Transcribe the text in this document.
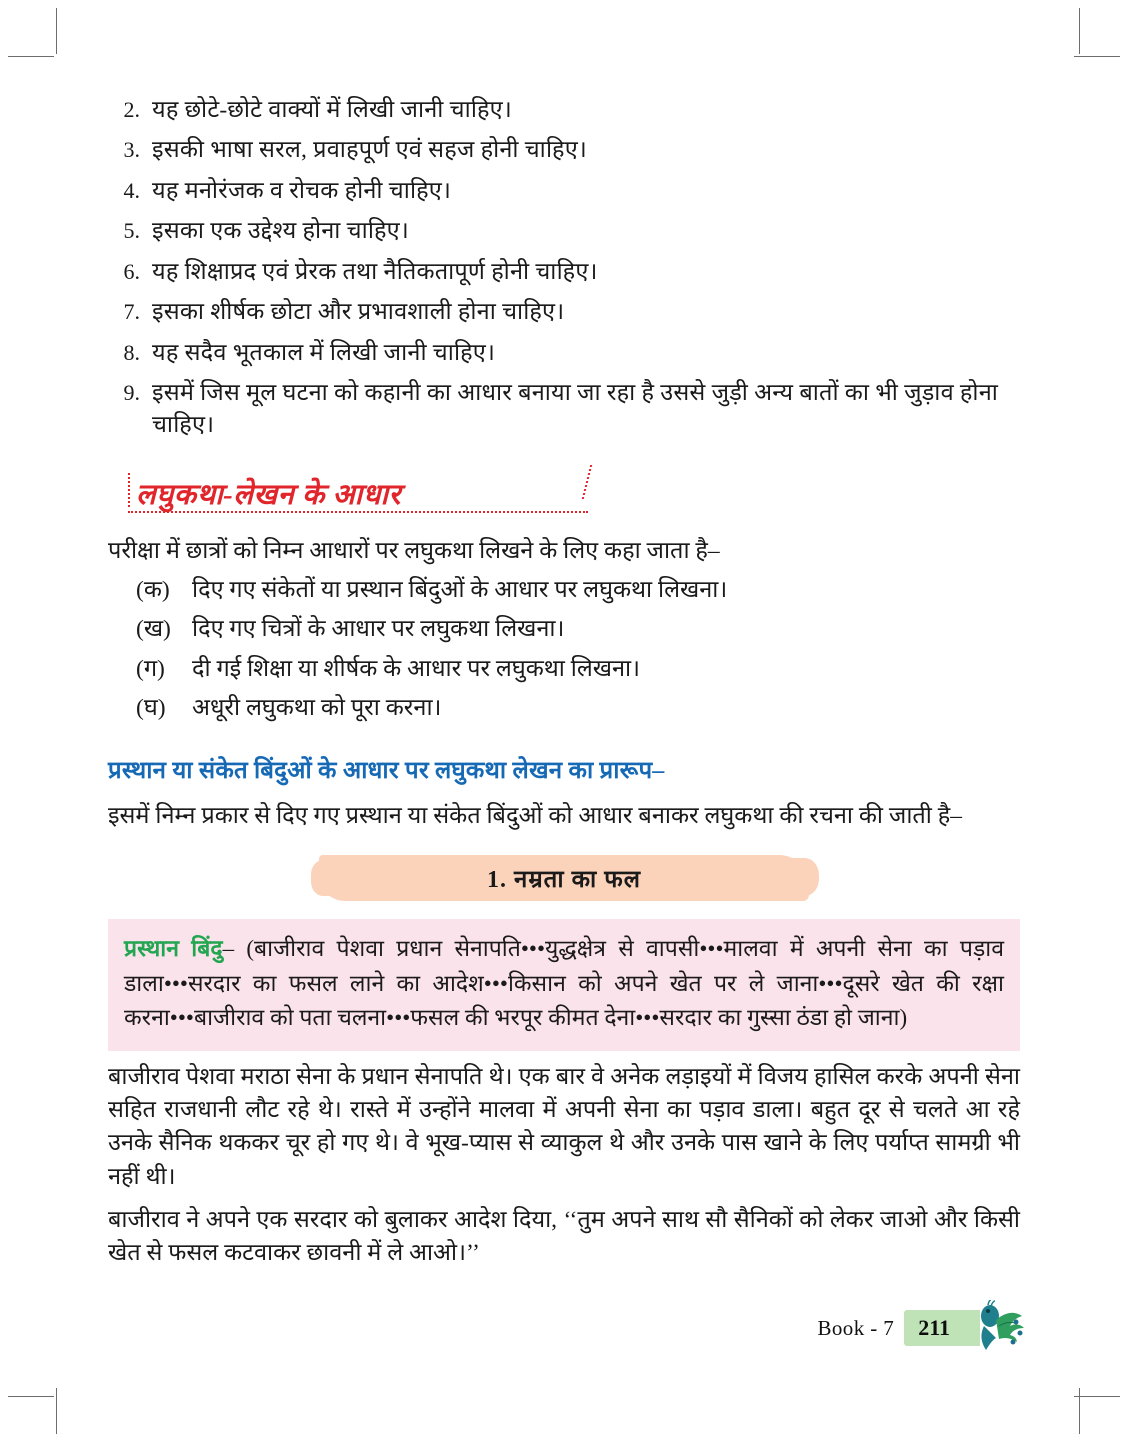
2. यह छोटे-छोटे वाक्यों में लिखी जानी चाहिए।
3. इसकी भाषा सरल, प्रवाहपूर्ण एवं सहज होनी चाहिए।
4. यह मनोरंजक व रोचक होनी चाहिए।
5. इसका एक उद्देश्य होना चाहिए।
6. यह शिक्षाप्रद एवं प्रेरक तथा नैतिकतापूर्ण होनी चाहिए।
7. इसका शीर्षक छोटा और प्रभावशाली होना चाहिए।
8. यह सदैव भूतकाल में लिखी जानी चाहिए।
9. इसमें जिस मूल घटना को कहानी का आधार बनाया जा रहा है उससे जुड़ी अन्य बातों का भी जुड़ाव होना चाहिए।
लघुकथा-लेखन के आधार

परीक्षा में छात्रों को निम्न आधारों पर लघुकथा लिखने के लिए कहा जाता है–

(क) दिए गए संकेतों या प्रस्थान बिंदुओं के आधार पर लघुकथा लिखना।
(ख) दिए गए चित्रों के आधार पर लघुकथा लिखना।
(ग)	दी गई शिक्षा या शीर्षक के आधार पर लघुकथा लिखना।
(घ)	अधूरी लघुकथा को पूरा करना।
प्रस्थान या संकेत बिंदुओं के आधार पर लघुकथा लेखन का प्रारूप–

इसमें निम्न प्रकार से दिए गए प्रस्थान या संकेत बिंदुओं को आधार बनाकर लघुकथा की रचना की जाती है–

1. नम्रता का फल
प्रस्थान बिंदु– (बाजीराव पेशवा प्रधान सेनापति•••युद्धक्षेत्र से वापसी•••मालवा में अपनी सेना का पड़ाव डाला•••सरदार का फसल लाने का आदेश•••किसान को अपने खेत पर ले जाना•••दूसरे खेत की रक्षा करना•••बाजीराव को पता चलना•••फसल की भरपूर कीमत देना•••सरदार का गुस्सा ठंडा हो जाना)

बाजीराव पेशवा मराठा सेना के प्रधान सेनापति थे। एक बार वे अनेक लड़ाइयों में विजय हासिल करके अपनी सेना सहित राजधानी लौट रहे थे। रास्ते में उन्होंने मालवा में अपनी सेना का पड़ाव डाला। बहुत दूर से चलते आ रहे उनके सैनिक थककर चूर हो गए थे। वे भूख-प्यास से व्याकुल थे और उनके पास खाने के लिए पर्याप्त सामग्री भी नहीं थी।

बाजीराव ने अपने एक सरदार को बुलाकर आदेश दिया, ‘‘तुम अपने साथ सौ सैनिकों को लेकर जाओ और किसी खेत से फसल कटवाकर छावनी में ले आओ।’’

Book - 7	211
